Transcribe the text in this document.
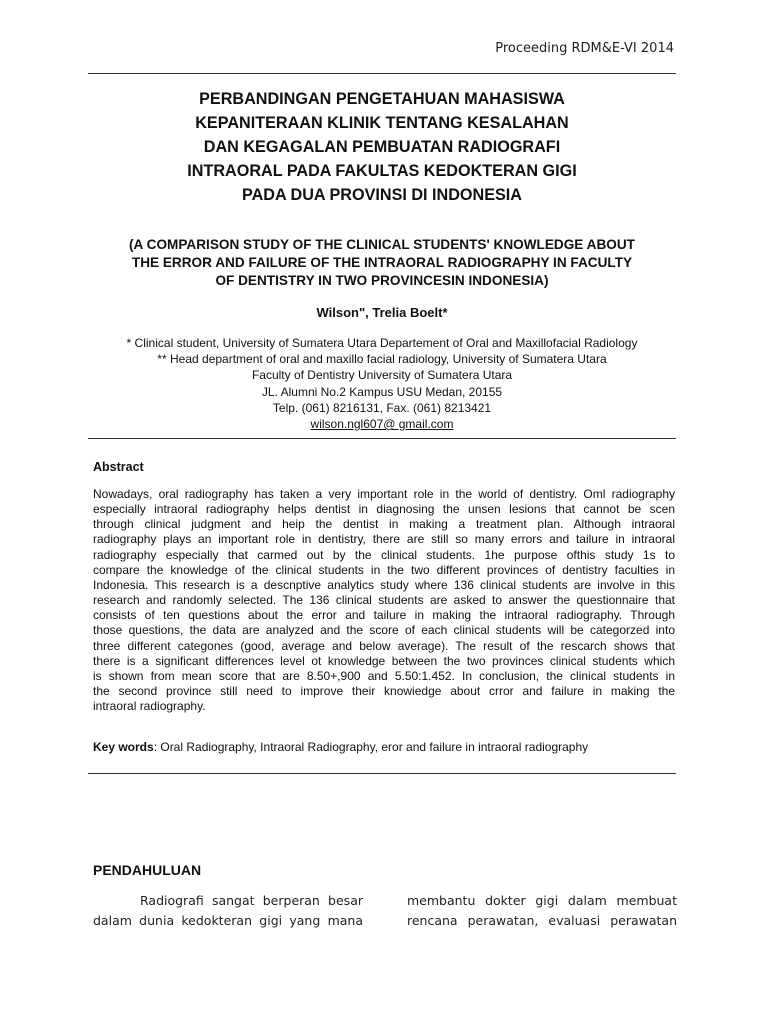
Proceeding RDM&E-VI 2014
PERBANDINGAN PENGETAHUAN MAHASISWA
KEPANITERAAN KLINIK TENTANG KESALAHAN
DAN KEGAGALAN PEMBUATAN RADIOGRAFI
INTRAORAL PADA FAKULTAS KEDOKTERAN GIGI
PADA DUA PROVINSI DI INDONESIA
(A COMPARISON STUDY OF THE CLINICAL STUDENTS' KNOWLEDGE ABOUT
THE ERROR AND FAILURE OF THE INTRAORAL RADIOGRAPHY IN FACULTY
OF DENTISTRY IN TWO PROVINCESIN INDONESIA)
Wilson", Trelia Boelt*
* Clinical student, University of Sumatera Utara Departement of Oral and Maxillofacial Radiology
** Head department of oral and maxillo facial radiology, University of Sumatera Utara
Faculty of Dentistry University of Sumatera Utara
JL. Alumni No.2 Kampus USU Medan, 20155
Telp. (061) 8216131, Fax. (061) 8213421
wilson.ngl607@ gmail.com
Abstract
Nowadays, oral radiography has taken a very important role in the world of dentistry. Oml radiography
especially intraoral radiography helps dentist in diagnosing the unsen lesions that cannot be scen
through clinical judgment and heip the dentist in making a treatment plan. Although intraoral
radiography plays an important role in dentistry, there are still so many errors and tailure in intraoral
radiography especially that carmed out by the clinical students. 1he purpose ofthis study 1s to
compare the knowledge of the clinical students in the two different provinces of dentistry faculties in
Indonesia. This research is a descnptive analytics study where 136 clinical students are involve in this
research and randomly selected. The 136 clinical students are asked to answer the questionnaire that
consists of ten questions about the error and tailure in making the intraoral radiography. Through
those questions, the data are analyzed and the score of each clinical students will be categorzed into
three different categones (good, average and below average). The result of the rescarch shows that
there is a significant differences level ot knowledge between the two provinces clinical students which
is shown from mean score that are 8.50+,900 and 5.50:1.452. In conclusion, the clinical students in
the second province still need to improve their knowiedge about crror and failure in making the
intraoral radiography.
Key words: Oral Radiography, Intraoral Radiography, eror and failure in intraoral radiography
PENDAHULUAN
Radiografi sangat berperan besar
dalam dunia kedokteran gigi yang mana
membantu dokter gigi dalam membuat
rencana perawatan, evaluasi perawatan
